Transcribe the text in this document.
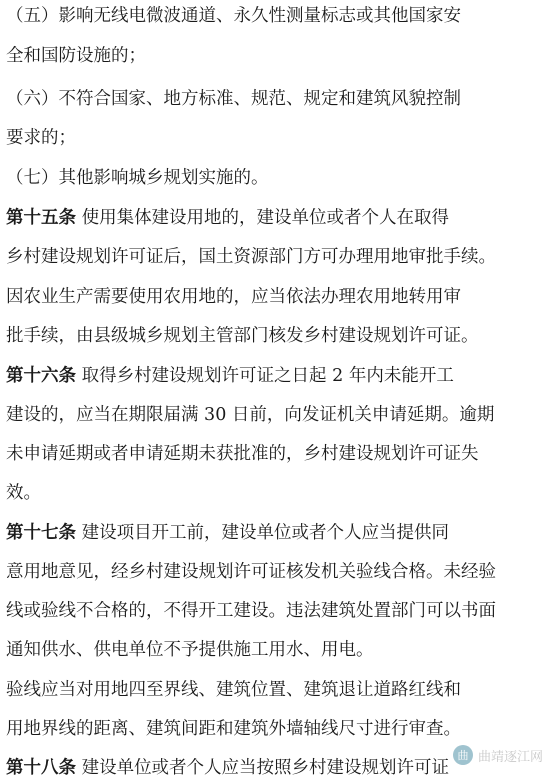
（五）影响无线电微波通道、永久性测量标志或其他国家安
全和国防设施的；
（六）不符合国家、地方标准、规范、规定和建筑风貌控制
要求的；
（七）其他影响城乡规划实施的。
第十五条 使用集体建设用地的，建设单位或者个人在取得
乡村建设规划许可证后，国土资源部门方可办理用地审批手续。
因农业生产需要使用农用地的，应当依法办理农用地转用审
批手续，由县级城乡规划主管部门核发乡村建设规划许可证。
第十六条 取得乡村建设规划许可证之日起 2 年内未能开工
建设的，应当在期限届满 30 日前，向发证机关申请延期。逾期
未申请延期或者申请延期未获批准的，乡村建设规划许可证失
效。
第十七条 建设项目开工前，建设单位或者个人应当提供同
意用地意见，经乡村建设规划许可证核发机关验线合格。未经验
线或验线不合格的，不得开工建设。违法建筑处置部门可以书面
通知供水、供电单位不予提供施工用水、用电。
验线应当对用地四至界线、建筑位置、建筑退让道路红线和
用地界线的距离、建筑间距和建筑外墙轴线尺寸进行审查。
第十八条 建设单位或者个人应当按照乡村建设规划许可证
曲 曲靖逐江网
